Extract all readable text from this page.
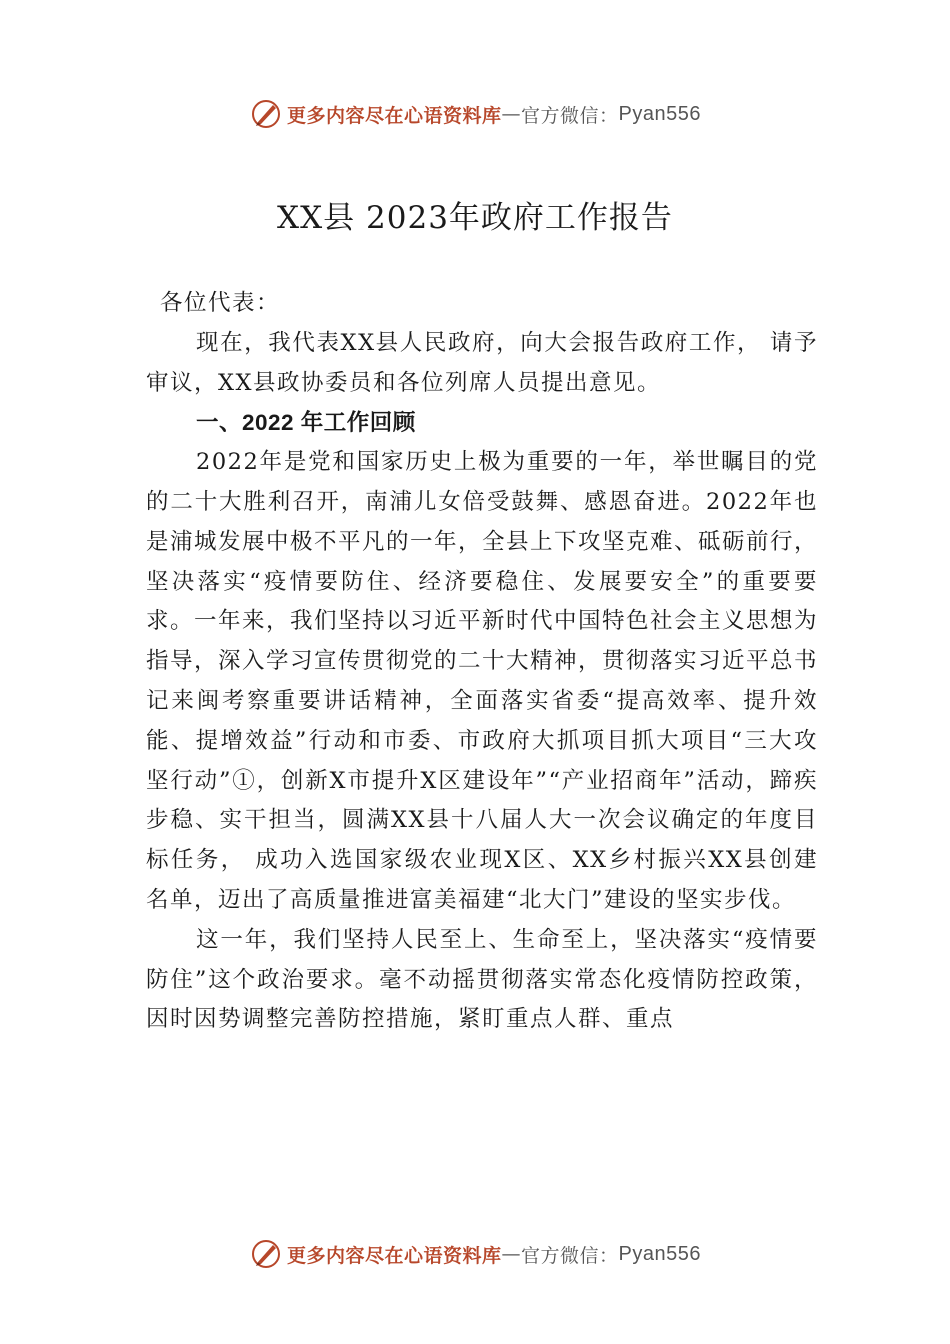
更多内容尽在心语资料库 — 官方微信： Pyan556
XX县 2023年政府工作报告

各位代表：

现在，我代表XX县人民政府，向大会报告政府工作， 请予审议，XX县政协委员和各位列席人员提出意见。

一、2022 年工作回顾

2022年是党和国家历史上极为重要的一年，举世瞩目的党的二十大胜利召开，南浦儿女倍受鼓舞、感恩奋进。2022年也是浦城发展中极不平凡的一年，全县上下攻坚克难、砥砺前行，坚决落实“疫情要防住、经济要稳住、发展要安全”的重要要求。一年来，我们坚持以习近平新时代中国特色社会主义思想为指导，深入学习宣传贯彻党的二十大精神，贯彻落实习近平总书记来闽考察重要讲话精神，全面落实省委“提高效率、提升效能、提增效益”行动和市委、市政府大抓项目抓大项目“三大攻坚行动”①，创新X市提升X区建设年”“产业招商年”活动，蹄疾步稳、实干担当，圆满XX县十八届人大一次会议确定的年度目标任务， 成功入选国家级农业现X区、XX乡村振兴XX县创建名单，迈出了高质量推进富美福建“北大门”建设的坚实步伐。

这一年，我们坚持人民至上、生命至上，坚决落实“疫情要防住”这个政治要求。毫不动摇贯彻落实常态化疫情防控政策，因时因势调整完善防控措施，紧盯重点人群、重点

更多内容尽在心语资料库 — 官方微信： Pyan556
